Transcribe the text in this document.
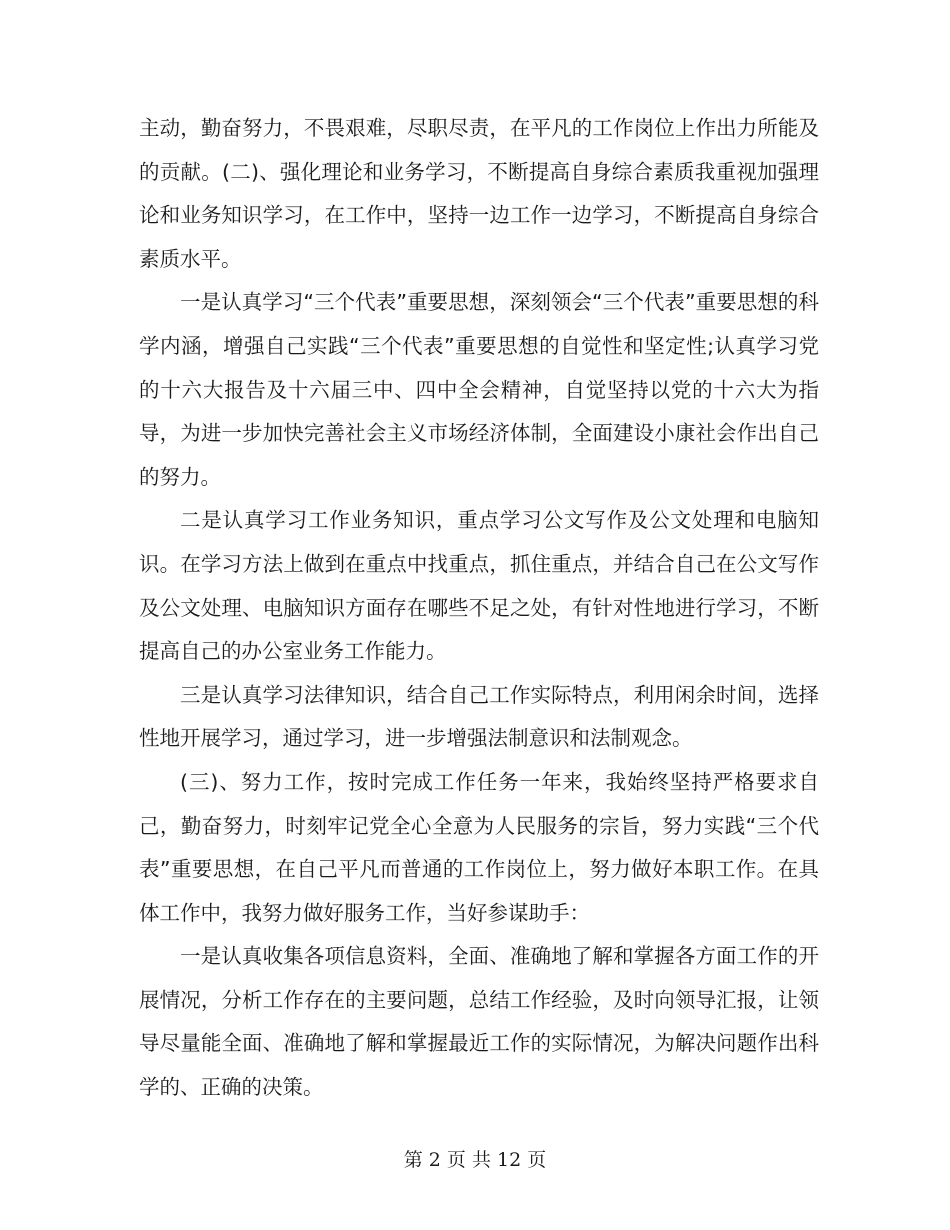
主动，勤奋努力，不畏艰难，尽职尽责，在平凡的工作岗位上作出力所能及的贡献。(二)、强化理论和业务学习，不断提高自身综合素质我重视加强理论和业务知识学习，在工作中，坚持一边工作一边学习，不断提高自身综合素质水平。

一是认真学习“三个代表”重要思想，深刻领会“三个代表”重要思想的科学内涵，增强自己实践“三个代表”重要思想的自觉性和坚定性;认真学习党的十六大报告及十六届三中、四中全会精神，自觉坚持以党的十六大为指导，为进一步加快完善社会主义市场经济体制，全面建设小康社会作出自己的努力。

二是认真学习工作业务知识，重点学习公文写作及公文处理和电脑知识。在学习方法上做到在重点中找重点，抓住重点，并结合自己在公文写作及公文处理、电脑知识方面存在哪些不足之处，有针对性地进行学习，不断提高自己的办公室业务工作能力。

三是认真学习法律知识，结合自己工作实际特点，利用闲余时间，选择性地开展学习，通过学习，进一步增强法制意识和法制观念。

(三)、努力工作，按时完成工作任务一年来，我始终坚持严格要求自己，勤奋努力，时刻牢记党全心全意为人民服务的宗旨，努力实践“三个代表”重要思想，在自己平凡而普通的工作岗位上，努力做好本职工作。在具体工作中，我努力做好服务工作，当好参谋助手：

一是认真收集各项信息资料，全面、准确地了解和掌握各方面工作的开展情况，分析工作存在的主要问题，总结工作经验，及时向领导汇报，让领导尽量能全面、准确地了解和掌握最近工作的实际情况，为解决问题作出科学的、正确的决策。

第 2 页 共 12 页
